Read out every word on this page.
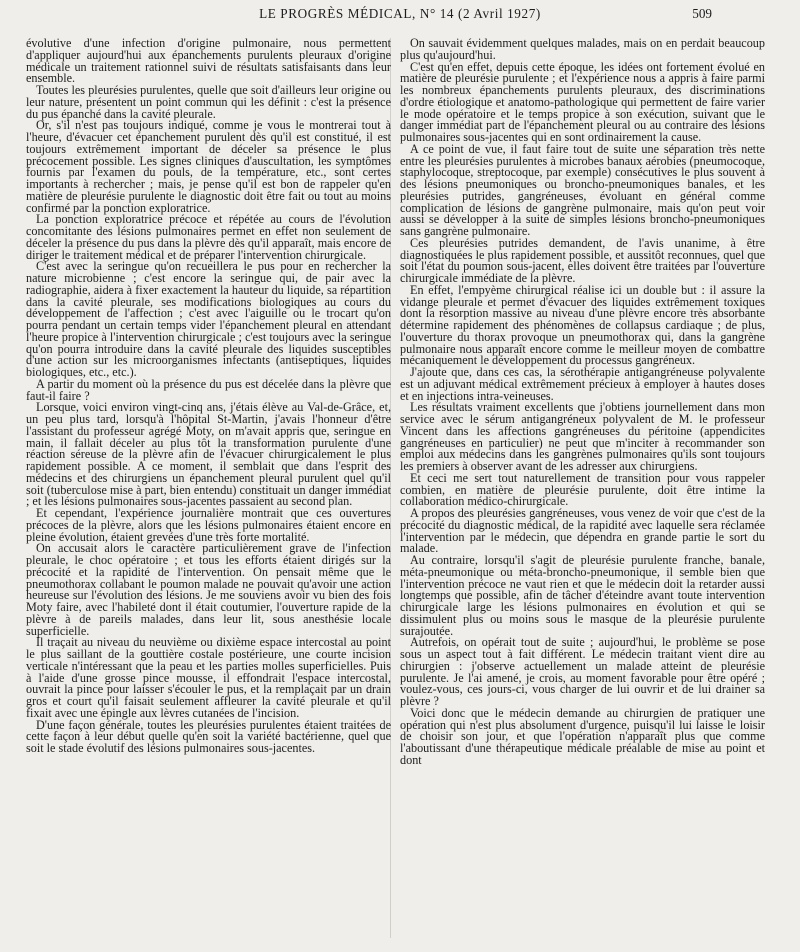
LE PROGRÈS MÉDICAL, N° 14 (2 Avril 1927)	509

évolutive d'une infection d'origine pulmonaire, nous permettent d'appliquer aujourd'hui aux épanchements purulents pleuraux d'origine médicale un traitement rationnel suivi de résultats satisfaisants dans leur ensemble.

Toutes les pleurésies purulentes, quelle que soit d'ailleurs leur origine ou leur nature, présentent un point commun qui les définit : c'est la présence du pus épanché dans la cavité pleurale.

Or, s'il n'est pas toujours indiqué, comme je vous le montrerai tout à l'heure, d'évacuer cet épanchement purulent dès qu'il est constitué, il est toujours extrêmement important de déceler sa présence le plus précocement possible. Les signes cliniques d'auscultation, les symptômes fournis par l'examen du pouls, de la température, etc., sont certes importants à rechercher ; mais, je pense qu'il est bon de rappeler qu'en matière de pleurésie purulente le diagnostic doit être fait ou tout au moins confirmé par la ponction exploratrice.

La ponction exploratrice précoce et répétée au cours de l'évolution concomitante des lésions pulmonaires permet en effet non seulement de déceler la présence du pus dans la plèvre dès qu'il apparaît, mais encore de diriger le traitement médical et de préparer l'intervention chirurgicale.

C'est avec la seringue qu'on recueillera le pus pour en rechercher la nature microbienne ; c'est encore la seringue qui, de pair avec la radiographie, aidera à fixer exactement la hauteur du liquide, sa répartition dans la cavité pleurale, ses modifications biologiques au cours du développement de l'affection ; c'est avec l'aiguille ou le trocart qu'on pourra pendant un certain temps vider l'épanchement pleural en attendant l'heure propice à l'intervention chirurgicale ; c'est toujours avec la seringue qu'on pourra introduire dans la cavité pleurale des liquides susceptibles d'une action sur les microorganismes infectants (antiseptiques, liquides biologiques, etc., etc.).

A partir du moment où la présence du pus est décelée dans la plèvre que faut-il faire ?

Lorsque, voici environ vingt-cinq ans, j'étais élève au Val-de-Grâce, et, un peu plus tard, lorsqu'à l'hôpital St-Martin, j'avais l'honneur d'être l'assistant du professeur agrégé Moty, on m'avait appris que, seringue en main, il fallait déceler au plus tôt la transformation purulente d'une réaction séreuse de la plèvre afin de l'évacuer chirurgicalement le plus rapidement possible. A ce moment, il semblait que dans l'esprit des médecins et des chirurgiens un épanchement pleural purulent quel qu'il soit (tuberculose mise à part, bien entendu) constituait un danger immédiat ; et les lésions pulmonaires sous-jacentes passaient au second plan.

Et cependant, l'expérience journalière montrait que ces ouvertures précoces de la plèvre, alors que les lésions pulmonaires étaient encore en pleine évolution, étaient grevées d'une très forte mortalité.

On accusait alors le caractère particulièrement grave de l'infection pleurale, le choc opératoire ; et tous les efforts étaient dirigés sur la précocité et la rapidité de l'intervention. On pensait même que le pneumothorax collabant le poumon malade ne pouvait qu'avoir une action heureuse sur l'évolution des lésions. Je me souviens avoir vu bien des fois Moty faire, avec l'habileté dont il était coutumier, l'ouverture rapide de la plèvre à de pareils malades, dans leur lit, sous anesthésie locale superficielle.

Il traçait au niveau du neuvième ou dixième espace intercostal au point le plus saillant de la gouttière costale postérieure, une courte incision verticale n'intéressant que la peau et les parties molles superficielles. Puis à l'aide d'une grosse pince mousse, il effondrait l'espace intercostal, ouvrait la pince pour laisser s'écouler le pus, et la remplaçait par un drain gros et court qu'il faisait seulement affleurer la cavité pleurale et qu'il fixait avec une épingle aux lèvres cutanées de l'incision.

D'une façon générale, toutes les pleurésies purulentes étaient traitées de cette façon à leur début quelle qu'en soit la variété bactérienne, quel que soit le stade évolutif des lésions pulmonaires sous-jacentes.

On sauvait évidemment quelques malades, mais on en perdait beaucoup plus qu'aujourd'hui.

C'est qu'en effet, depuis cette époque, les idées ont fortement évolué en matière de pleurésie purulente ; et l'expérience nous a appris à faire parmi les nombreux épanchements purulents pleuraux, des discriminations d'ordre étiologique et anatomo-pathologique qui permettent de faire varier le mode opératoire et le temps propice à son exécution, suivant que le danger immédiat part de l'épanchement pleural ou au contraire des lésions pulmonaires sous-jacentes qui en sont ordinairement la cause.

A ce point de vue, il faut faire tout de suite une séparation très nette entre les pleurésies purulentes à microbes banaux aérobies (pneumocoque, staphylocoque, streptocoque, par exemple) consécutives le plus souvent à des lésions pneumoniques ou broncho-pneumoniques banales, et les pleurésies putrides, gangréneuses, évoluant en général comme complication de lésions de gangrène pulmonaire, mais qu'on peut voir aussi se développer à la suite de simples lésions broncho-pneumoniques sans gangrène pulmonaire.

Ces pleurésies putrides demandent, de l'avis unanime, à être diagnostiquées le plus rapidement possible, et aussitôt reconnues, quel que soit l'état du poumon sous-jacent, elles doivent être traitées par l'ouverture chirurgicale immédiate de la plèvre.

En effet, l'empyème chirurgical réalise ici un double but : il assure la vidange pleurale et permet d'évacuer des liquides extrêmement toxiques dont la résorption massive au niveau d'une plèvre encore très absorbante détermine rapidement des phénomènes de collapsus cardiaque ; de plus, l'ouverture du thorax provoque un pneumothorax qui, dans la gangrène pulmonaire nous apparaît encore comme le meilleur moyen de combattre mécaniquement le développement du processus gangréneux.

J'ajoute que, dans ces cas, la sérothérapie antigangréneuse polyvalente est un adjuvant médical extrêmement précieux à employer à hautes doses et en injections intra-veineuses.

Les résultats vraiment excellents que j'obtiens journellement dans mon service avec le sérum antigangréneux polyvalent de M. le professeur Vincent dans les affections gangréneuses du péritoine (appendicites gangréneuses en particulier) ne peut que m'inciter à recommander son emploi aux médecins dans les gangrènes pulmonaires qu'ils sont toujours les premiers à observer avant de les adresser aux chirurgiens.

Et ceci me sert tout naturellement de transition pour vous rappeler combien, en matière de pleurésie purulente, doit être intime la collaboration médico-chirurgicale.

A propos des pleurésies gangréneuses, vous venez de voir que c'est de la précocité du diagnostic médical, de la rapidité avec laquelle sera réclamée l'intervention par le médecin, que dépendra en grande partie le sort du malade.

Au contraire, lorsqu'il s'agit de pleurésie purulente franche, banale, méta-pneumonique ou méta-broncho-pneumonique, il semble bien que l'intervention précoce ne vaut rien et que le médecin doit la retarder aussi longtemps que possible, afin de tâcher d'éteindre avant toute intervention chirurgicale large les lésions pulmonaires en évolution et qui se dissimulent plus ou moins sous le masque de la pleurésie purulente surajoutée.

Autrefois, on opérait tout de suite ; aujourd'hui, le problème se pose sous un aspect tout à fait différent. Le médecin traitant vient dire au chirurgien : j'observe actuellement un malade atteint de pleurésie purulente. Je l'ai amené, je crois, au moment favorable pour être opéré ; voulez-vous, ces jours-ci, vous charger de lui ouvrir et de lui drainer sa plèvre ?

Voici donc que le médecin demande au chirurgien de pratiquer une opération qui n'est plus absolument d'urgence, puisqu'il lui laisse le loisir de choisir son jour, et que l'opération n'apparaît plus que comme l'aboutissant d'une thérapeutique médicale préalable de mise au point et dont
